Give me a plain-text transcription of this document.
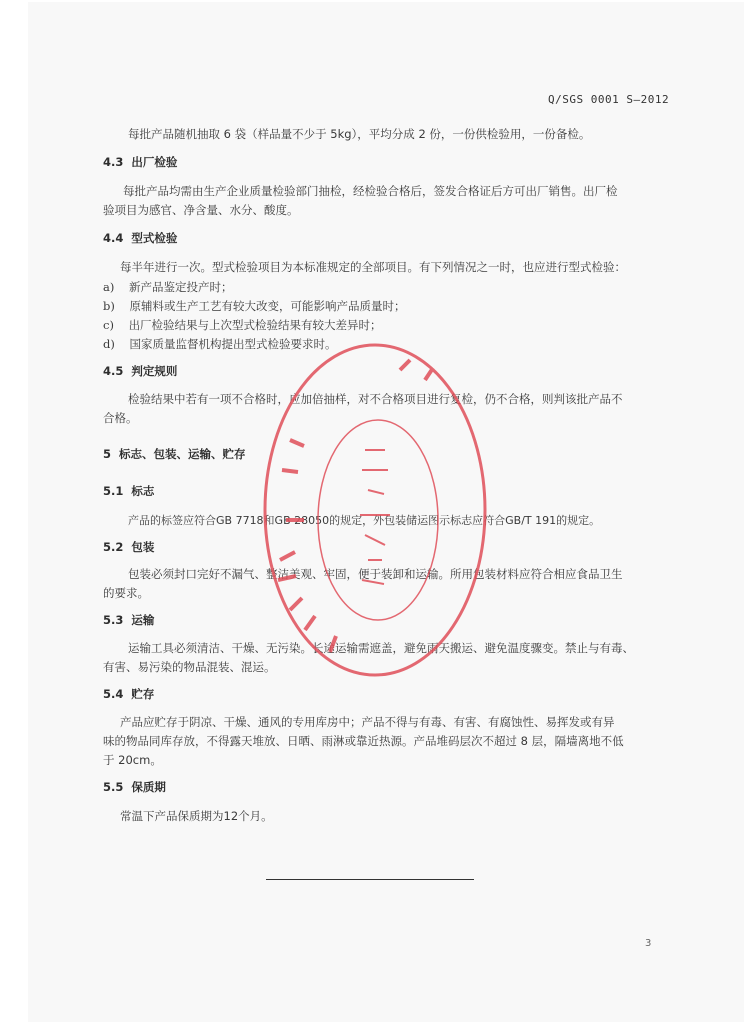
Q/SGS 0001 S—2012
每批产品随机抽取 6 袋（样品量不少于 5kg），平均分成 2 份，一份供检验用，一份备检。
4.3 出厂检验
每批产品均需由生产企业质量检验部门抽检，经检验合格后，签发合格证后方可出厂销售。出厂检
验项目为感官、净含量、水分、酸度。
4.4 型式检验
每半年进行一次。型式检验项目为本标准规定的全部项目。有下列情况之一时，也应进行型式检验：
a) 新产品鉴定投产时；
b) 原辅料或生产工艺有较大改变，可能影响产品质量时；
c) 出厂检验结果与上次型式检验结果有较大差异时；
d) 国家质量监督机构提出型式检验要求时。
4.5 判定规则
检验结果中若有一项不合格时，应加倍抽样，对不合格项目进行复检，仍不合格，则判该批产品不
合格。
5 标志、包装、运输、贮存
5.1 标志
产品的标签应符合GB 7718和GB 28050的规定，外包装储运图示标志应符合GB/T 191的规定。
5.2 包装
包装必须封口完好不漏气、整洁美观、牢固，便于装卸和运输。所用包装材料应符合相应食品卫生
的要求。
5.3 运输
运输工具必须清洁、干燥、无污染。长途运输需遮盖，避免雨天搬运、避免温度骤变。禁止与有毒、
有害、易污染的物品混装、混运。
5.4 贮存
产品应贮存于阴凉、干燥、通风的专用库房中；产品不得与有毒、有害、有腐蚀性、易挥发或有异
味的物品同库存放，不得露天堆放、日晒、雨淋或靠近热源。产品堆码层次不超过 8 层，隔墙离地不低
于 20cm。
5.5 保质期
常温下产品保质期为12个月。
3
